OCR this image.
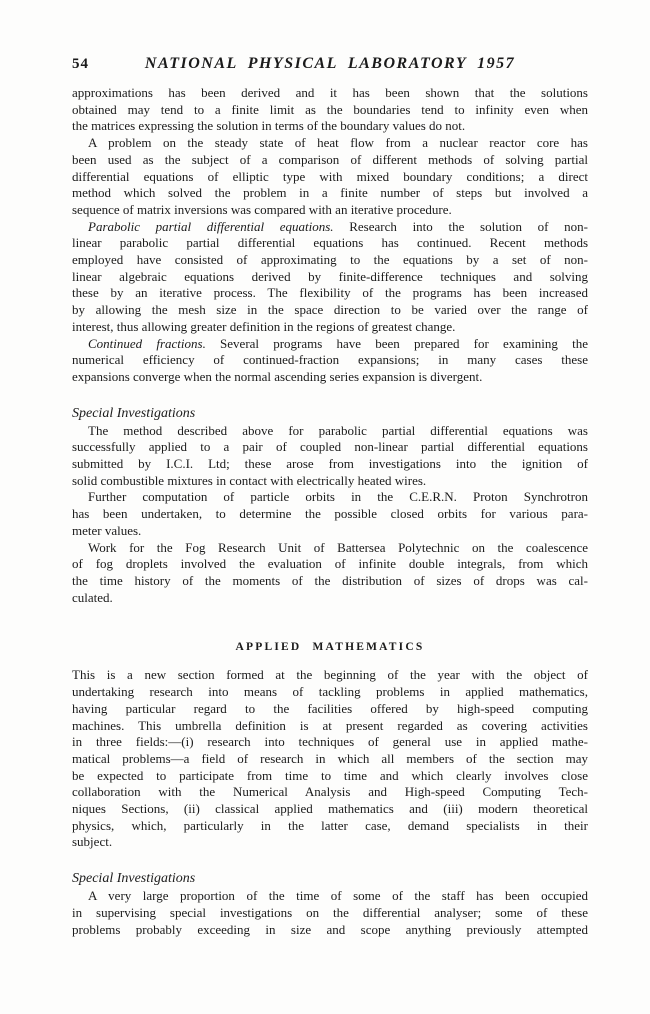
54	NATIONAL PHYSICAL LABORATORY 1957
approximations has been derived and it has been shown that the solutions
obtained may tend to a finite limit as the boundaries tend to infinity even when
the matrices expressing the solution in terms of the boundary values do not.
A problem on the steady state of heat flow from a nuclear reactor core has
been used as the subject of a comparison of different methods of solving partial
differential equations of elliptic type with mixed boundary conditions; a direct
method which solved the problem in a finite number of steps but involved a
sequence of matrix inversions was compared with an iterative procedure.
Parabolic partial differential equations. Research into the solution of non-
linear parabolic partial differential equations has continued. Recent methods
employed have consisted of approximating to the equations by a set of non-
linear algebraic equations derived by finite-difference techniques and solving
these by an iterative process. The flexibility of the programs has been increased
by allowing the mesh size in the space direction to be varied over the range of
interest, thus allowing greater definition in the regions of greatest change.
Continued fractions. Several programs have been prepared for examining the
numerical efficiency of continued-fraction expansions; in many cases these
expansions converge when the normal ascending series expansion is divergent.
Special Investigations
The method described above for parabolic partial differential equations was
successfully applied to a pair of coupled non-linear partial differential equations
submitted by I.C.I. Ltd; these arose from investigations into the ignition of
solid combustible mixtures in contact with electrically heated wires.
Further computation of particle orbits in the C.E.R.N. Proton Synchrotron
has been undertaken, to determine the possible closed orbits for various para-
meter values.
Work for the Fog Research Unit of Battersea Polytechnic on the coalescence
of fog droplets involved the evaluation of infinite double integrals, from which
the time history of the moments of the distribution of sizes of drops was cal-
culated.
APPLIED MATHEMATICS
This is a new section formed at the beginning of the year with the object of
undertaking research into means of tackling problems in applied mathematics,
having particular regard to the facilities offered by high-speed computing
machines. This umbrella definition is at present regarded as covering activities
in three fields:—(i) research into techniques of general use in applied mathe-
matical problems—a field of research in which all members of the section may
be expected to participate from time to time and which clearly involves close
collaboration with the Numerical Analysis and High-speed Computing Tech-
niques Sections, (ii) classical applied mathematics and (iii) modern theoretical
physics, which, particularly in the latter case, demand specialists in their
subject.
Special Investigations
A very large proportion of the time of some of the staff has been occupied
in supervising special investigations on the differential analyser; some of these
problems probably exceeding in size and scope anything previously attempted
